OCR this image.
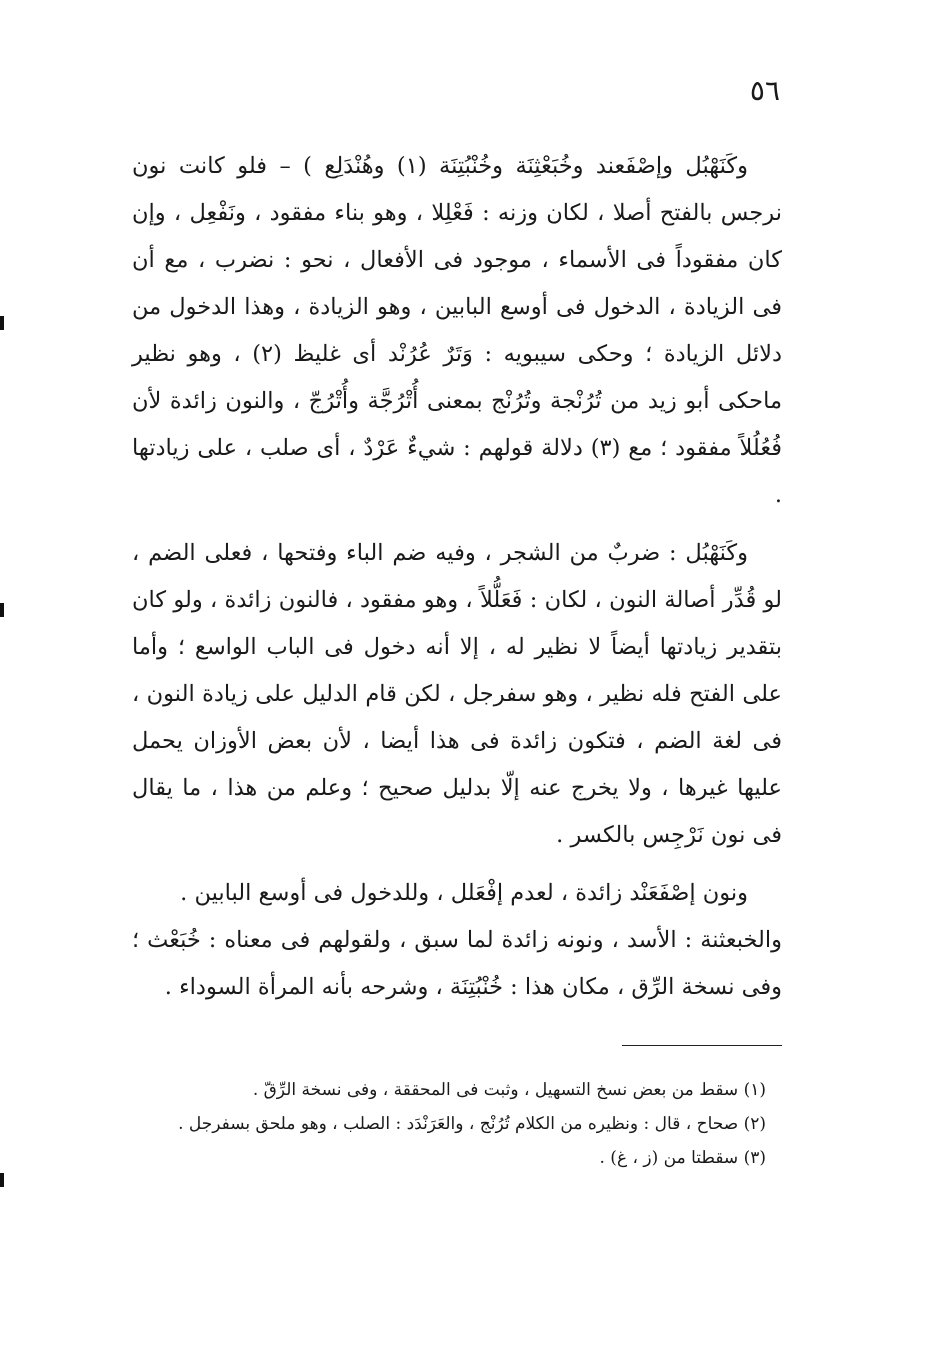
٥٦

وكَنَهْبُل وإصْفَعند وخُبَعْثِنَة وخُنْبُتِنَة (١) وهُنْدَلِع ) – فلو كانت نون نرجس بالفتح أصلا ، لكان وزنه : فَعْلِلا ، وهو بناء مفقود ، ونَفْعِل ، وإن كان مفقوداً فى الأسماء ، موجود فى الأفعال ، نحو : نضرب ، مع أن فى الزيادة ، الدخول فى أوسع البابين ، وهو الزيادة ، وهذا الدخول من دلائل الزيادة ؛ وحكى سيبويه : وَتَرٌ عُرُنْد أى غليظ (٢) ، وهو نظير ماحكى أبو زيد من تُرُنْجة وتُرُنْج بمعنى أُتْرُجَّة وأُتْرُجّ ، والنون زائدة لأن فُعُلُلاً مفقود ؛ مع (٣) دلالة قولهم : شيءٌ عَرْدٌ ، أى صلب ، على زيادتها .

وكَنَهْبُل : ضربٌ من الشجر ، وفيه ضم الباء وفتحها ، فعلى الضم ، لو قُدِّر أصالة النون ، لكان : فَعَلُّلاً ، وهو مفقود ، فالنون زائدة ، ولو كان بتقدير زيادتها أيضاً لا نظير له ، إلا أنه دخول فى الباب الواسع ؛ وأما على الفتح فله نظير ، وهو سفرجل ، لكن قام الدليل على زيادة النون ، فى لغة الضم ، فتكون زائدة فى هذا أيضا ، لأن بعض الأوزان يحمل عليها غيرها ، ولا يخرج عنه إلّا بدليل صحيح ؛ وعلم من هذا ، ما يقال فى نون نَرْجِس بالكسر .

ونون إصْفَعَنْد زائدة ، لعدم إفْعَلل ، وللدخول فى أوسع البابين .

والخبعثنة : الأسد ، ونونه زائدة لما سبق ، ولقولهم فى معناه : خُبَعْث ؛ وفى نسخة الرِّق ، مكان هذا : خُنْبُتِنَة ، وشرحه بأنه المرأة السوداء .

(١) سقط من بعض نسخ التسهيل ، وثبت فى المحققة ، وفى نسخة الرِّقّ .

(٢) صحاح ، قال : ونظيره من الكلام تُرُنْج ، والعَرَنْدَد : الصلب ، وهو ملحق بسفرجل .

(٣) سقطتا من (ز ، غ) .
